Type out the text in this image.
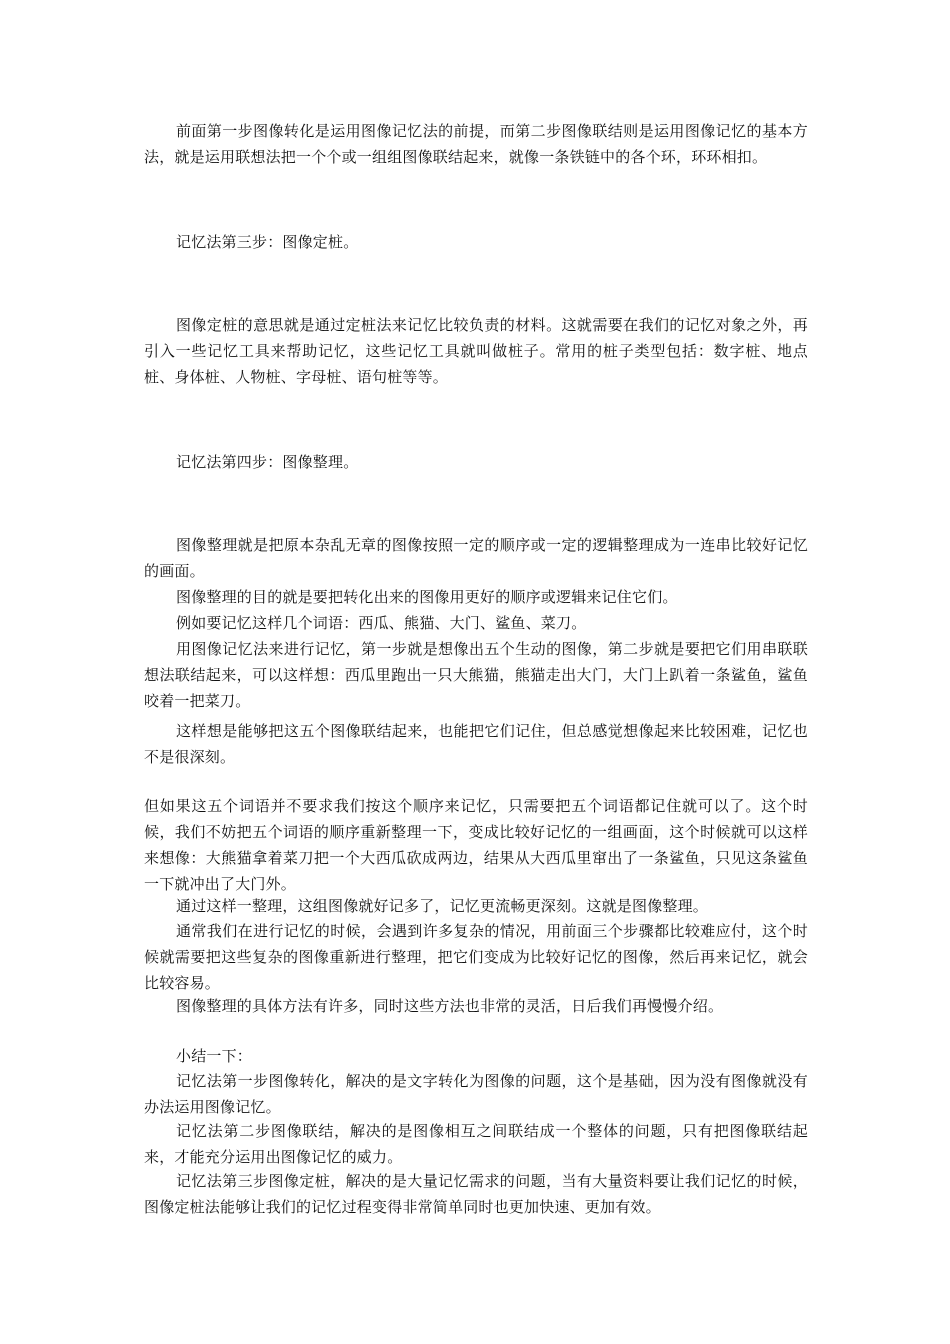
前面第一步图像转化是运用图像记忆法的前提，而第二步图像联结则是运用图像记忆的基本方法，就是运用联想法把一个个或一组组图像联结起来，就像一条铁链中的各个环，环环相扣。

记忆法第三步：图像定桩。

图像定桩的意思就是通过定桩法来记忆比较负责的材料。这就需要在我们的记忆对象之外，再引入一些记忆工具来帮助记忆，这些记忆工具就叫做桩子。常用的桩子类型包括：数字桩、地点桩、身体桩、人物桩、字母桩、语句桩等等。

记忆法第四步：图像整理。

图像整理就是把原本杂乱无章的图像按照一定的顺序或一定的逻辑整理成为一连串比较好记忆的画面。

图像整理的目的就是要把转化出来的图像用更好的顺序或逻辑来记住它们。

例如要记忆这样几个词语：西瓜、熊猫、大门、鲨鱼、菜刀。

用图像记忆法来进行记忆，第一步就是想像出五个生动的图像，第二步就是要把它们用串联联想法联结起来，可以这样想：西瓜里跑出一只大熊猫，熊猫走出大门，大门上趴着一条鲨鱼，鲨鱼咬着一把菜刀。

这样想是能够把这五个图像联结起来，也能把它们记住，但总感觉想像起来比较困难，记忆也不是很深刻。

但如果这五个词语并不要求我们按这个顺序来记忆，只需要把五个词语都记住就可以了。这个时候，我们不妨把五个词语的顺序重新整理一下，变成比较好记忆的一组画面，这个时候就可以这样来想像：大熊猫拿着菜刀把一个大西瓜砍成两边，结果从大西瓜里窜出了一条鲨鱼，只见这条鲨鱼一下就冲出了大门外。

通过这样一整理，这组图像就好记多了，记忆更流畅更深刻。这就是图像整理。

通常我们在进行记忆的时候，会遇到许多复杂的情况，用前面三个步骤都比较难应付，这个时候就需要把这些复杂的图像重新进行整理，把它们变成为比较好记忆的图像，然后再来记忆，就会比较容易。

图像整理的具体方法有许多，同时这些方法也非常的灵活，日后我们再慢慢介绍。

小结一下：

记忆法第一步图像转化，解决的是文字转化为图像的问题，这个是基础，因为没有图像就没有办法运用图像记忆。

记忆法第二步图像联结，解决的是图像相互之间联结成一个整体的问题，只有把图像联结起来，才能充分运用出图像记忆的威力。

记忆法第三步图像定桩，解决的是大量记忆需求的问题，当有大量资料要让我们记忆的时候，图像定桩法能够让我们的记忆过程变得非常简单同时也更加快速、更加有效。
